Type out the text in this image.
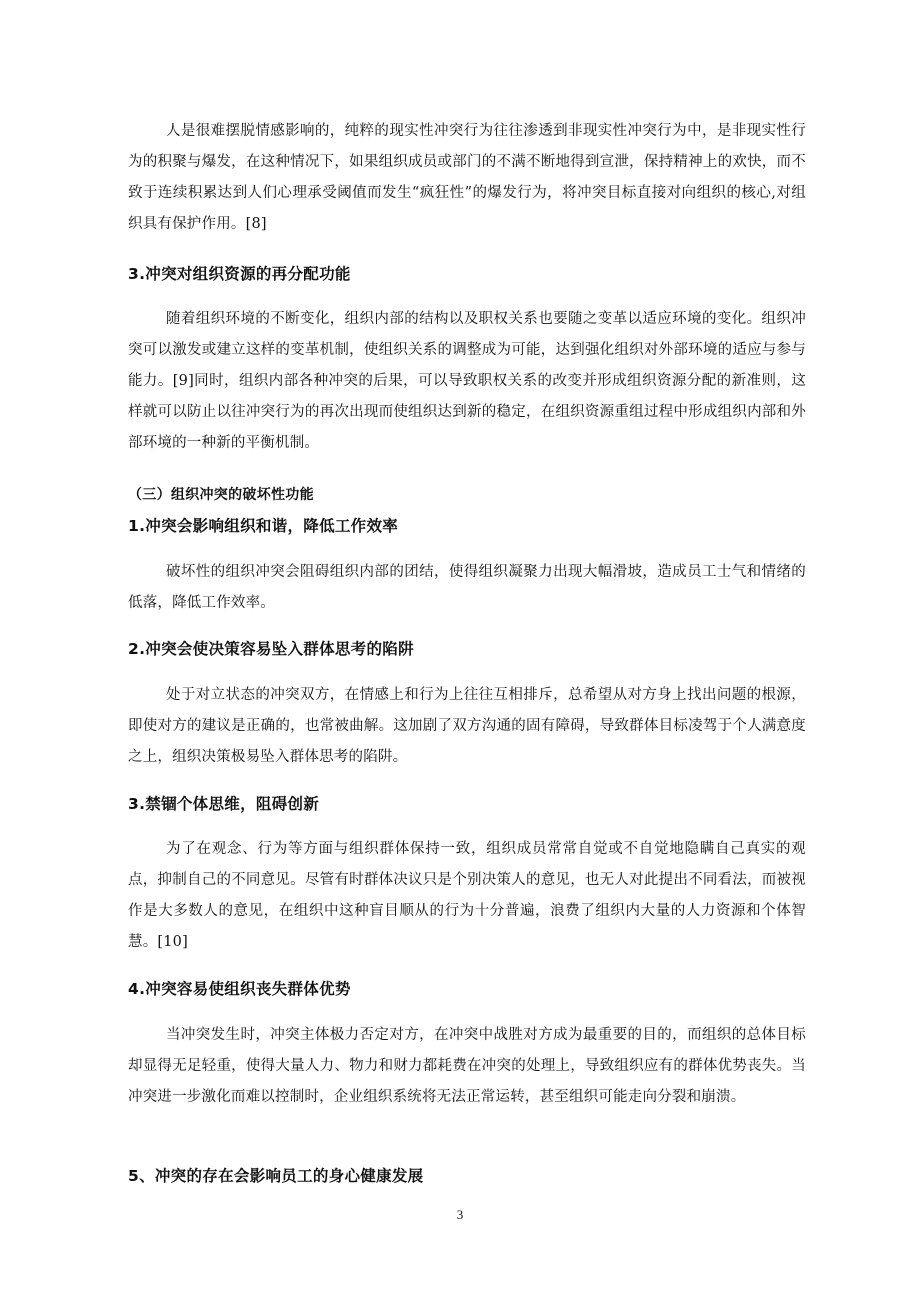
人是很难摆脱情感影响的，纯粹的现实性冲突行为往往渗透到非现实性冲突行为中，是非现实性行为的积聚与爆发，在这种情况下，如果组织成员或部门的不满不断地得到宣泄，保持精神上的欢快，而不致于连续积累达到人们心理承受阈值而发生“疯狂性”的爆发行为，将冲突目标直接对向组织的核心,对组织具有保护作用。[8]

3.冲突对组织资源的再分配功能

随着组织环境的不断变化，组织内部的结构以及职权关系也要随之变革以适应环境的变化。组织冲突可以激发或建立这样的变革机制，使组织关系的调整成为可能，达到强化组织对外部环境的适应与参与能力。[9]同时，组织内部各种冲突的后果，可以导致职权关系的改变并形成组织资源分配的新准则，这样就可以防止以往冲突行为的再次出现而使组织达到新的稳定，在组织资源重组过程中形成组织内部和外部环境的一种新的平衡机制。

（三）组织冲突的破坏性功能
1.冲突会影响组织和谐，降低工作效率

破坏性的组织冲突会阻碍组织内部的团结，使得组织凝聚力出现大幅滑坡，造成员工士气和情绪的低落，降低工作效率。

2.冲突会使决策容易坠入群体思考的陷阱

处于对立状态的冲突双方，在情感上和行为上往往互相排斥，总希望从对方身上找出问题的根源，即使对方的建议是正确的，也常被曲解。这加剧了双方沟通的固有障碍，导致群体目标凌驾于个人满意度之上，组织决策极易坠入群体思考的陷阱。

3.禁锢个体思维，阻碍创新

为了在观念、行为等方面与组织群体保持一致，组织成员常常自觉或不自觉地隐瞒自己真实的观点，抑制自己的不同意见。尽管有时群体决议只是个别决策人的意见，也无人对此提出不同看法，而被视作是大多数人的意见，在组织中这种盲目顺从的行为十分普遍，浪费了组织内大量的人力资源和个体智慧。[10]

4.冲突容易使组织丧失群体优势

当冲突发生时，冲突主体极力否定对方，在冲突中战胜对方成为最重要的目的，而组织的总体目标却显得无足轻重，使得大量人力、物力和财力都耗费在冲突的处理上，导致组织应有的群体优势丧失。当冲突进一步激化而难以控制时，企业组织系统将无法正常运转，甚至组织可能走向分裂和崩溃。

5、冲突的存在会影响员工的身心健康发展
3
